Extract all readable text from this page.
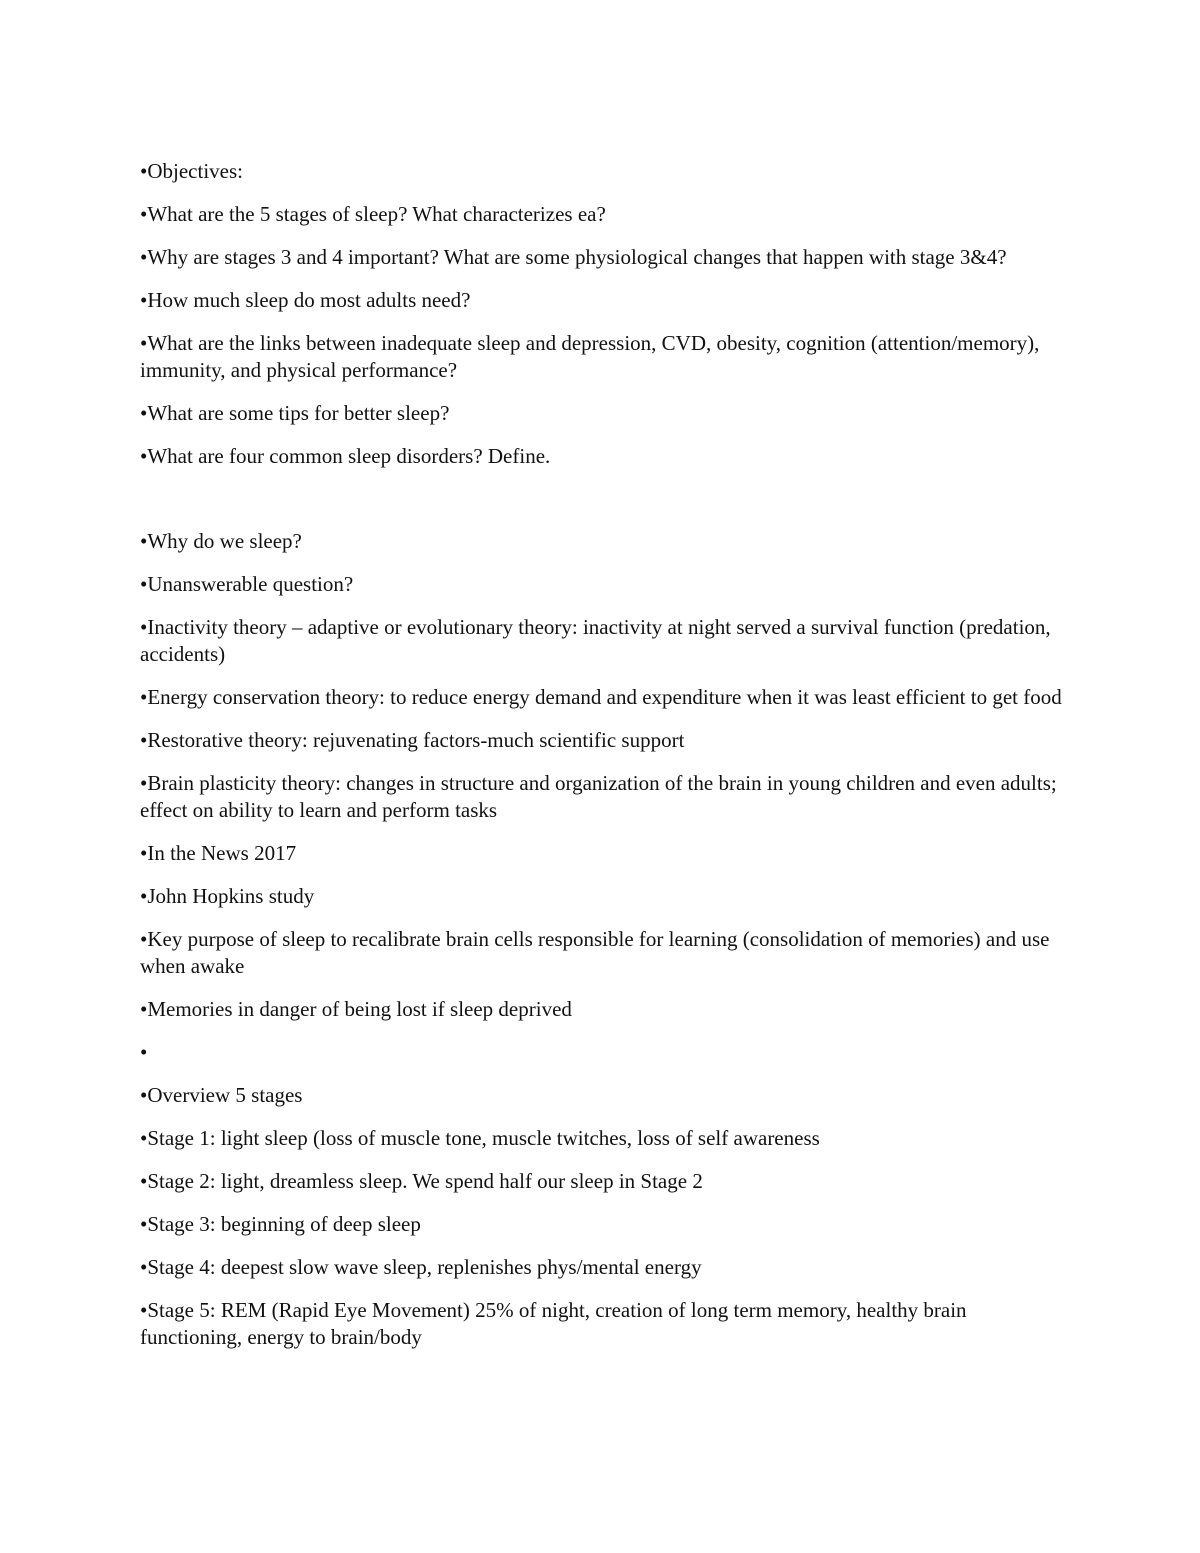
•Objectives:

•What are the 5 stages of sleep? What characterizes ea?

•Why are stages 3 and 4 important? What are some physiological changes that happen with stage 3&4?

•How much sleep do most adults need?

•What are the links between inadequate sleep and depression, CVD, obesity, cognition (attention/memory), immunity, and physical performance?

•What are some tips for better sleep?

•What are four common sleep disorders? Define.

•Why do we sleep?

•Unanswerable question?

•Inactivity theory – adaptive or evolutionary theory: inactivity at night served a survival function (predation, accidents)

•Energy conservation theory: to reduce energy demand and expenditure when it was least efficient to get food

•Restorative theory: rejuvenating factors-much scientific support

•Brain plasticity theory: changes in structure and organization of the brain in young children and even adults; effect on ability to learn and perform tasks

•In the News 2017

•John Hopkins study

•Key purpose of sleep to recalibrate brain cells responsible for learning (consolidation of memories) and use when awake

•Memories in danger of being lost if sleep deprived

•

•Overview 5 stages

•Stage 1: light sleep (loss of muscle tone, muscle twitches, loss of self awareness

•Stage 2: light, dreamless sleep. We spend half our sleep in Stage 2

•Stage 3: beginning of deep sleep

•Stage 4: deepest slow wave sleep, replenishes phys/mental energy

•Stage 5: REM (Rapid Eye Movement) 25% of night, creation of long term memory, healthy brain functioning, energy to brain/body
